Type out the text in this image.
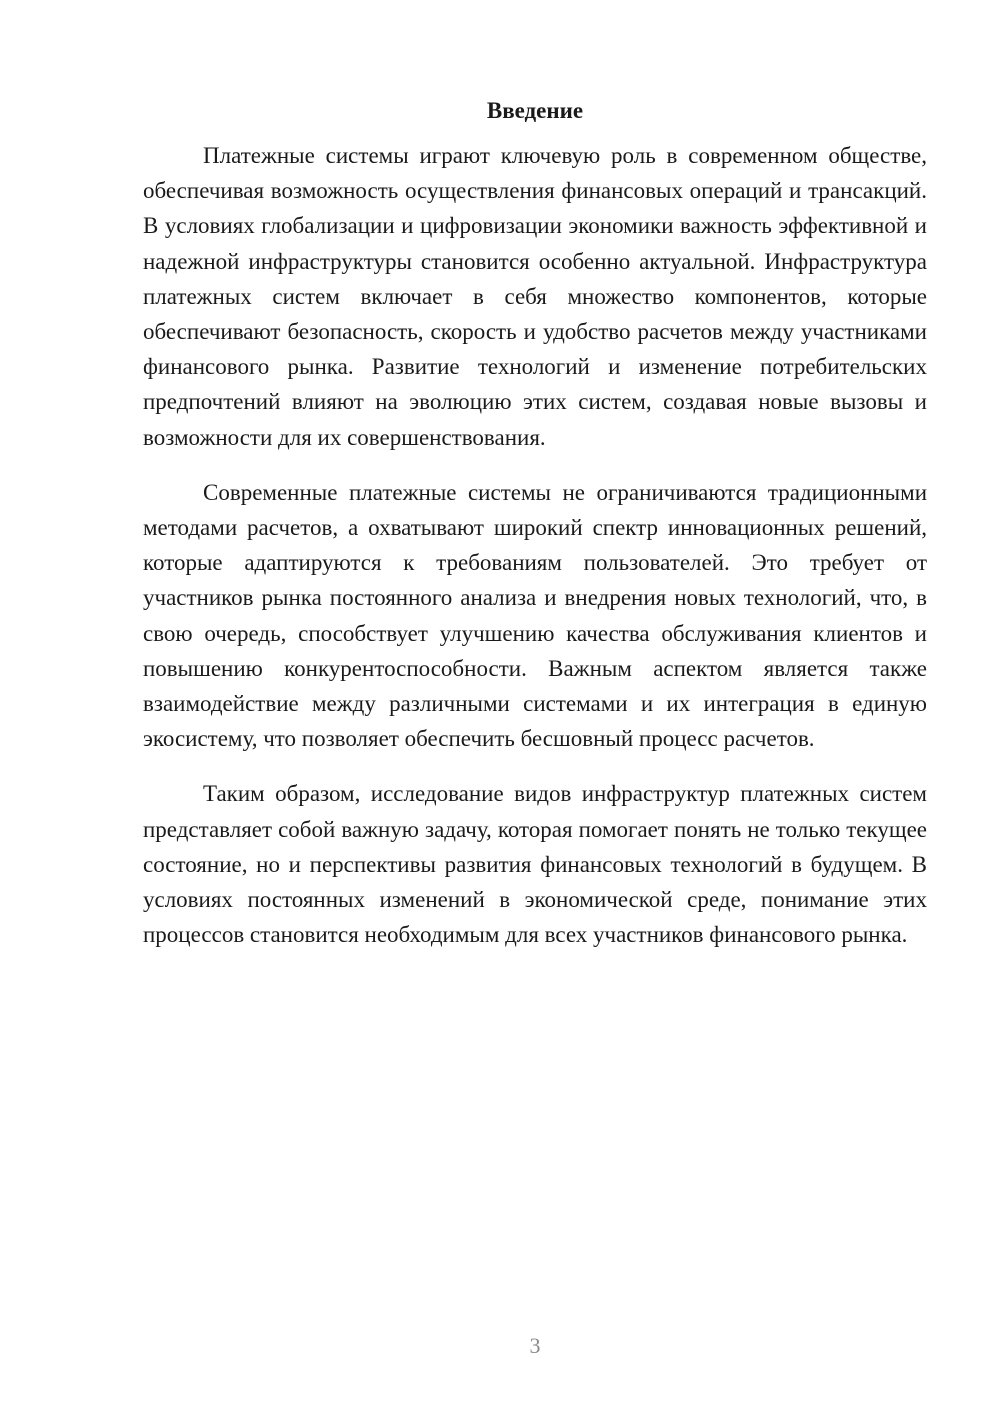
Введение

Платежные системы играют ключевую роль в современном обществе, обеспечивая возможность осуществления финансовых операций и трансакций. В условиях глобализации и цифровизации экономики важность эффективной и надежной инфраструктуры становится особенно актуальной. Инфраструктура платежных систем включает в себя множество компонентов, которые обеспечивают безопасность, скорость и удобство расчетов между участниками финансового рынка. Развитие технологий и изменение потребительских предпочтений влияют на эволюцию этих систем, создавая новые вызовы и возможности для их совершенствования.

Современные платежные системы не ограничиваются традиционными методами расчетов, а охватывают широкий спектр инновационных решений, которые адаптируются к требованиям пользователей. Это требует от участников рынка постоянного анализа и внедрения новых технологий, что, в свою очередь, способствует улучшению качества обслуживания клиентов и повышению конкурентоспособности. Важным аспектом является также взаимодействие между различными системами и их интеграция в единую экосистему, что позволяет обеспечить бесшовный процесс расчетов.

Таким образом, исследование видов инфраструктур платежных систем представляет собой важную задачу, которая помогает понять не только текущее состояние, но и перспективы развития финансовых технологий в будущем. В условиях постоянных изменений в экономической среде, понимание этих процессов становится необходимым для всех участников финансового рынка.

3
